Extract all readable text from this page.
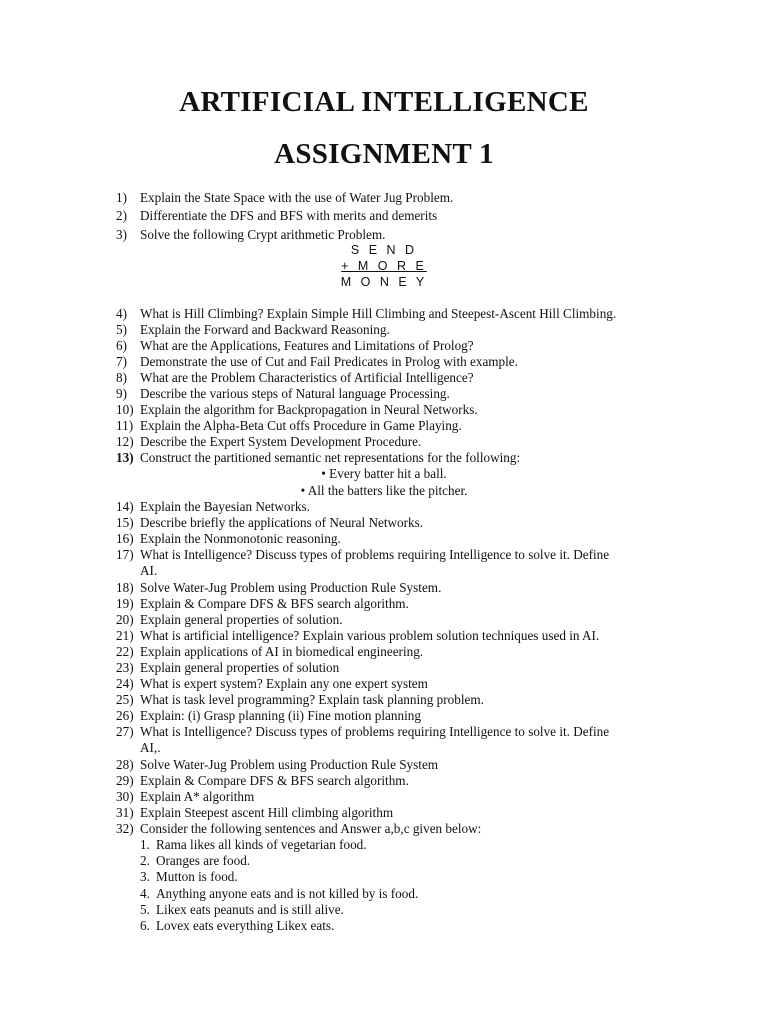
ARTIFICIAL INTELLIGENCE
ASSIGNMENT 1
1) Explain the State Space with the use of Water Jug Problem.
2) Differentiate the DFS and BFS with merits and demerits
3) Solve the following Crypt arithmetic Problem.
S E N D
+ M O R E
M O N E Y
4) What is Hill Climbing? Explain Simple Hill Climbing and Steepest-Ascent Hill Climbing.
5) Explain the Forward and Backward Reasoning.
6) What are the Applications, Features and Limitations of Prolog?
7) Demonstrate the use of Cut and Fail Predicates in Prolog with example.
8) What are the Problem Characteristics of Artificial Intelligence?
9) Describe the various steps of Natural language Processing.
10) Explain the algorithm for Backpropagation in Neural Networks.
11) Explain the Alpha-Beta Cut offs Procedure in Game Playing.
12) Describe the Expert System Development Procedure.
13) Construct the partitioned semantic net representations for the following:
• Every batter hit a ball.
• All the batters like the pitcher.
14) Explain the Bayesian Networks.
15) Describe briefly the applications of Neural Networks.
16) Explain the Nonmonotonic reasoning.
17) What is Intelligence? Discuss types of problems requiring Intelligence to solve it. Define
AI.
18) Solve Water-Jug Problem using Production Rule System.
19) Explain & Compare DFS & BFS search algorithm.
20) Explain general properties of solution.
21) What is artificial intelligence? Explain various problem solution techniques used in AI.
22) Explain applications of AI in biomedical engineering.
23) Explain general properties of solution
24) What is expert system? Explain any one expert system
25) What is task level programming? Explain task planning problem.
26) Explain: (i) Grasp planning (ii) Fine motion planning
27) What is Intelligence? Discuss types of problems requiring Intelligence to solve it. Define
AI,.
28) Solve Water-Jug Problem using Production Rule System
29) Explain & Compare DFS & BFS search algorithm.
30) Explain A* algorithm
31) Explain Steepest ascent Hill climbing algorithm
32) Consider the following sentences and Answer a,b,c given below:
1. Rama likes all kinds of vegetarian food.
2. Oranges are food.
3. Mutton is food.
4. Anything anyone eats and is not killed by is food.
5. Likex eats peanuts and is still alive.
6. Lovex eats everything Likex eats.
